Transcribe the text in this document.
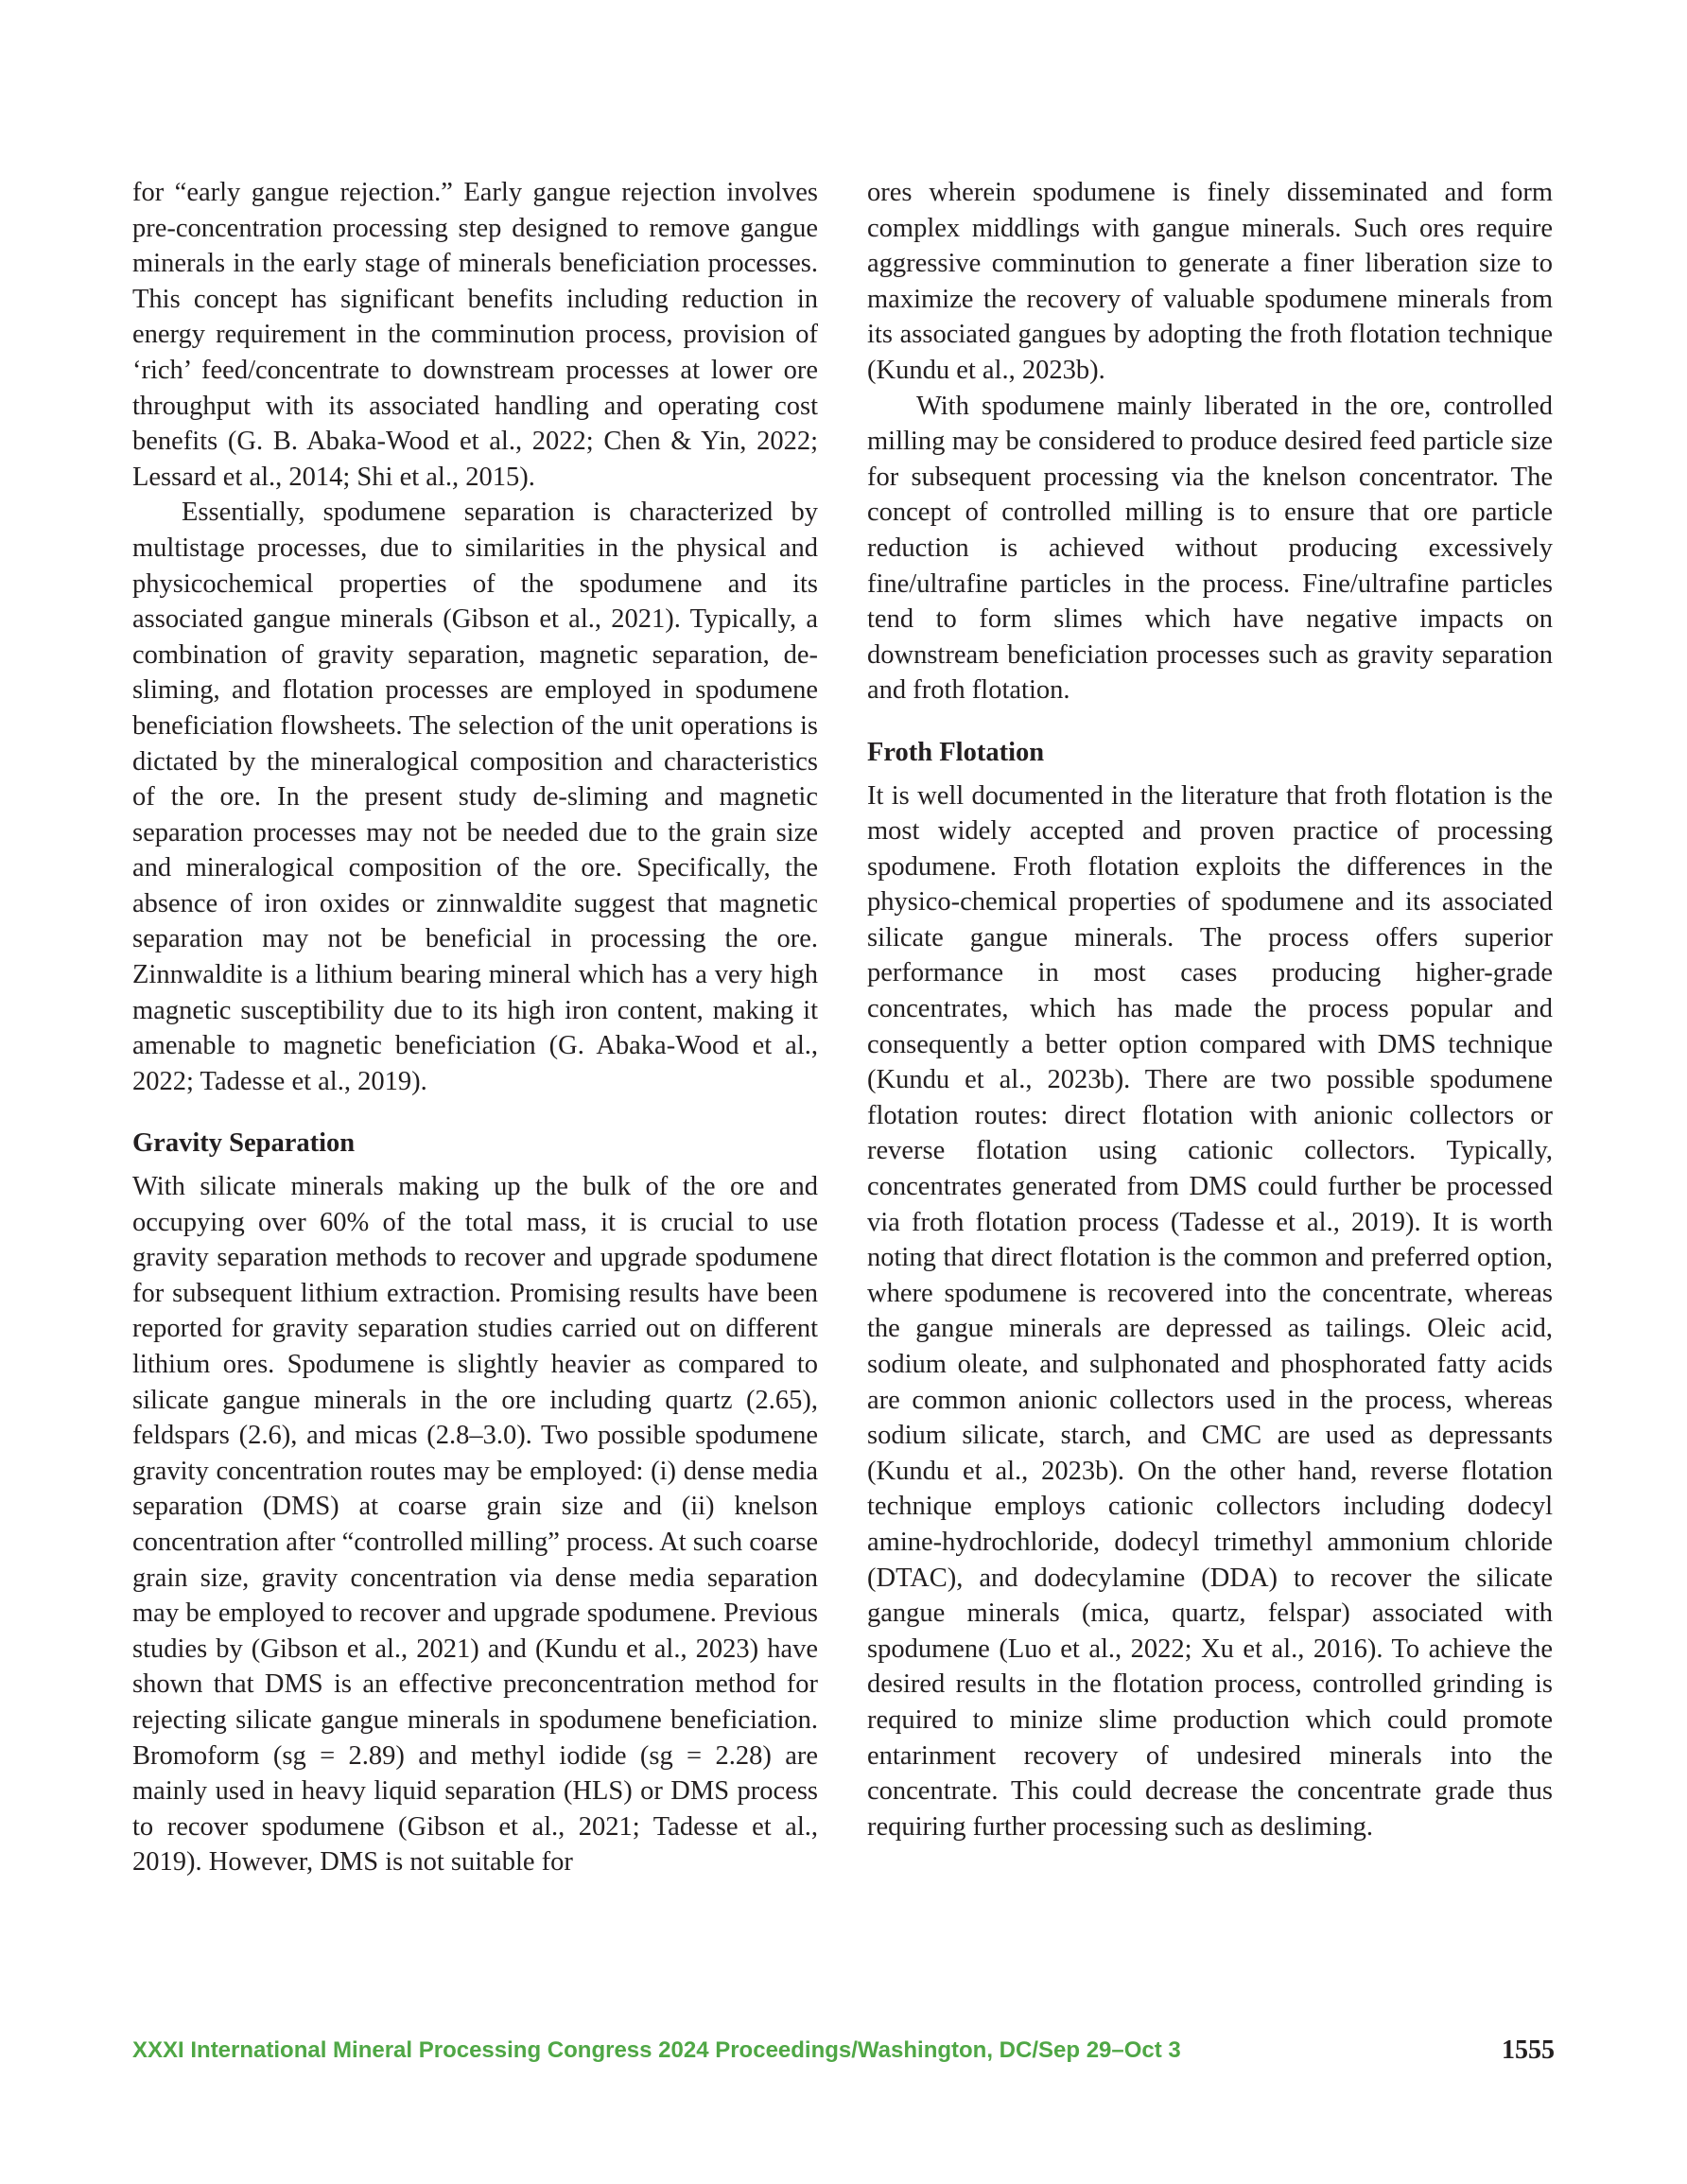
for “early gangue rejection.” Early gangue rejection involves pre-concentration processing step designed to remove gangue minerals in the early stage of minerals beneficiation processes. This concept has significant benefits including reduction in energy requirement in the comminution process, provision of ‘rich’ feed/concentrate to downstream processes at lower ore throughput with its associated handling and operating cost benefits (G. B. Abaka-Wood et al., 2022; Chen & Yin, 2022; Lessard et al., 2014; Shi et al., 2015).

Essentially, spodumene separation is characterized by multistage processes, due to similarities in the physical and physicochemical properties of the spodumene and its associated gangue minerals (Gibson et al., 2021). Typically, a combination of gravity separation, magnetic separation, de-sliming, and flotation processes are employed in spodumene beneficiation flowsheets. The selection of the unit operations is dictated by the mineralogical composition and characteristics of the ore. In the present study de-sliming and magnetic separation processes may not be needed due to the grain size and mineralogical composition of the ore. Specifically, the absence of iron oxides or zinnwaldite suggest that magnetic separation may not be beneficial in processing the ore. Zinnwaldite is a lithium bearing mineral which has a very high magnetic susceptibility due to its high iron content, making it amenable to magnetic beneficiation (G. Abaka-Wood et al., 2022; Tadesse et al., 2019).

Gravity Separation

With silicate minerals making up the bulk of the ore and occupying over 60% of the total mass, it is crucial to use gravity separation methods to recover and upgrade spodumene for subsequent lithium extraction. Promising results have been reported for gravity separation studies carried out on different lithium ores. Spodumene is slightly heavier as compared to silicate gangue minerals in the ore including quartz (2.65), feldspars (2.6), and micas (2.8–3.0). Two possible spodumene gravity concentration routes may be employed: (i) dense media separation (DMS) at coarse grain size and (ii) knelson concentration after “controlled milling” process. At such coarse grain size, gravity concentration via dense media separation may be employed to recover and upgrade spodumene. Previous studies by (Gibson et al., 2021) and (Kundu et al., 2023) have shown that DMS is an effective preconcentration method for rejecting silicate gangue minerals in spodumene beneficiation. Bromoform (sg = 2.89) and methyl iodide (sg = 2.28) are mainly used in heavy liquid separation (HLS) or DMS process to recover spodumene (Gibson et al., 2021; Tadesse et al., 2019). However, DMS is not suitable for

ores wherein spodumene is finely disseminated and form complex middlings with gangue minerals. Such ores require aggressive comminution to generate a finer liberation size to maximize the recovery of valuable spodumene minerals from its associated gangues by adopting the froth flotation technique (Kundu et al., 2023b).

With spodumene mainly liberated in the ore, controlled milling may be considered to produce desired feed particle size for subsequent processing via the knelson concentrator. The concept of controlled milling is to ensure that ore particle reduction is achieved without producing excessively fine/ultrafine particles in the process. Fine/ultrafine particles tend to form slimes which have negative impacts on downstream beneficiation processes such as gravity separation and froth flotation.

Froth Flotation

It is well documented in the literature that froth flotation is the most widely accepted and proven practice of processing spodumene. Froth flotation exploits the differences in the physico-chemical properties of spodumene and its associated silicate gangue minerals. The process offers superior performance in most cases producing higher-grade concentrates, which has made the process popular and consequently a better option compared with DMS technique (Kundu et al., 2023b). There are two possible spodumene flotation routes: direct flotation with anionic collectors or reverse flotation using cationic collectors. Typically, concentrates generated from DMS could further be processed via froth flotation process (Tadesse et al., 2019). It is worth noting that direct flotation is the common and preferred option, where spodumene is recovered into the concentrate, whereas the gangue minerals are depressed as tailings. Oleic acid, sodium oleate, and sulphonated and phosphorated fatty acids are common anionic collectors used in the process, whereas sodium silicate, starch, and CMC are used as depressants (Kundu et al., 2023b). On the other hand, reverse flotation technique employs cationic collectors including dodecyl amine-hydrochloride, dodecyl trimethyl ammonium chloride (DTAC), and dodecylamine (DDA) to recover the silicate gangue minerals (mica, quartz, felspar) associated with spodumene (Luo et al., 2022; Xu et al., 2016). To achieve the desired results in the flotation process, controlled grinding is required to minize slime production which could promote entarinment recovery of undesired minerals into the concentrate. This could decrease the concentrate grade thus requiring further processing such as desliming.

XXXI International Mineral Processing Congress 2024 Proceedings/Washington, DC/Sep 29–Oct 3	1555
